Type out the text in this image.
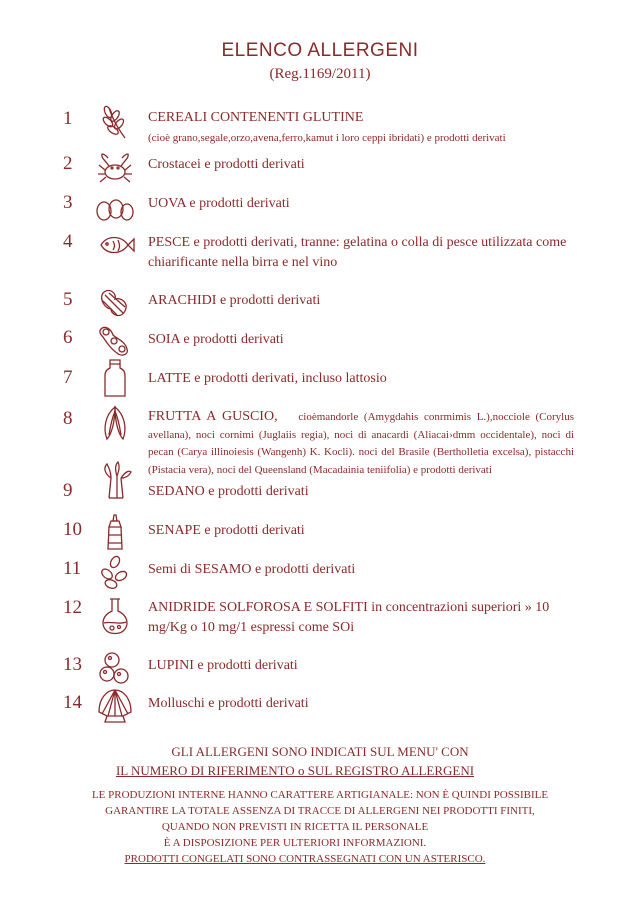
ELENCO ALLERGENI
(Reg.1169/2011)
1	CEREALI CONTENENTI GLUTINE
(cioè grano,segale,orzo,avena,ferro,kamut i loro ceppi ibridati) e prodotti derivati
2	Crostacei e prodotti derivati
3	UOVA e prodotti derivati
4	PESCE e prodotti derivati, tranne: gelatina o colla di pesce utilizzata come chiarificante nella birra e nel vino
5	ARACHIDI e prodotti derivati
6	SOIA e prodotti derivati
7	LATTE e prodotti derivati, incluso lattosio
8	FRUTTA A GUSCIO, cioèmandorle (Amygdahis conrmimis L.),nocciole (Corylus avellana), noci cornimi (Juglaiis regia), noci di anacardi (Aliacai›dmm occidentale), noci di pecan (Carya illinoiesis (Wangenh) K. Kocli). noci del Brasile (Bertholletia excelsa), pistacchi (Pistacia vera), noci del Queensland (Macadainia teniifolia) e prodotti derivati
9	SEDANO e prodotti derivati
10	SENAPE e prodotti derivati
11	Semi di SESAMO e prodotti derivati
12	ANIDRIDE SOLFOROSA E SOLFITI in concentrazioni superiori » 10 mg/Kg o 10 mg/1 espressi come SOi
13	LUPINI e prodotti derivati
14	Molluschi e prodotti derivati
GLI ALLERGENI SONO INDICATI SUL MENU' CON
IL NUMERO DI RIFERIMENTO o SUL REGISTRO ALLERGENI
LE PRODUZIONI INTERNE HANNO CARATTERE ARTIGIANALE: NON È QUINDI POSSIBILE
GARANTIRE LA TOTALE ASSENZA DI TRACCE DI ALLERGENI NEI PRODOTTI FINITI,
QUANDO NON PREVISTI IN RICETTA IL PERSONALE
È A DISPOSIZIONE PER ULTERIORI INFORMAZIONI.
PRODOTTI CONGELATI SONO CONTRASSEGNATI CON UN ASTERISCO.
